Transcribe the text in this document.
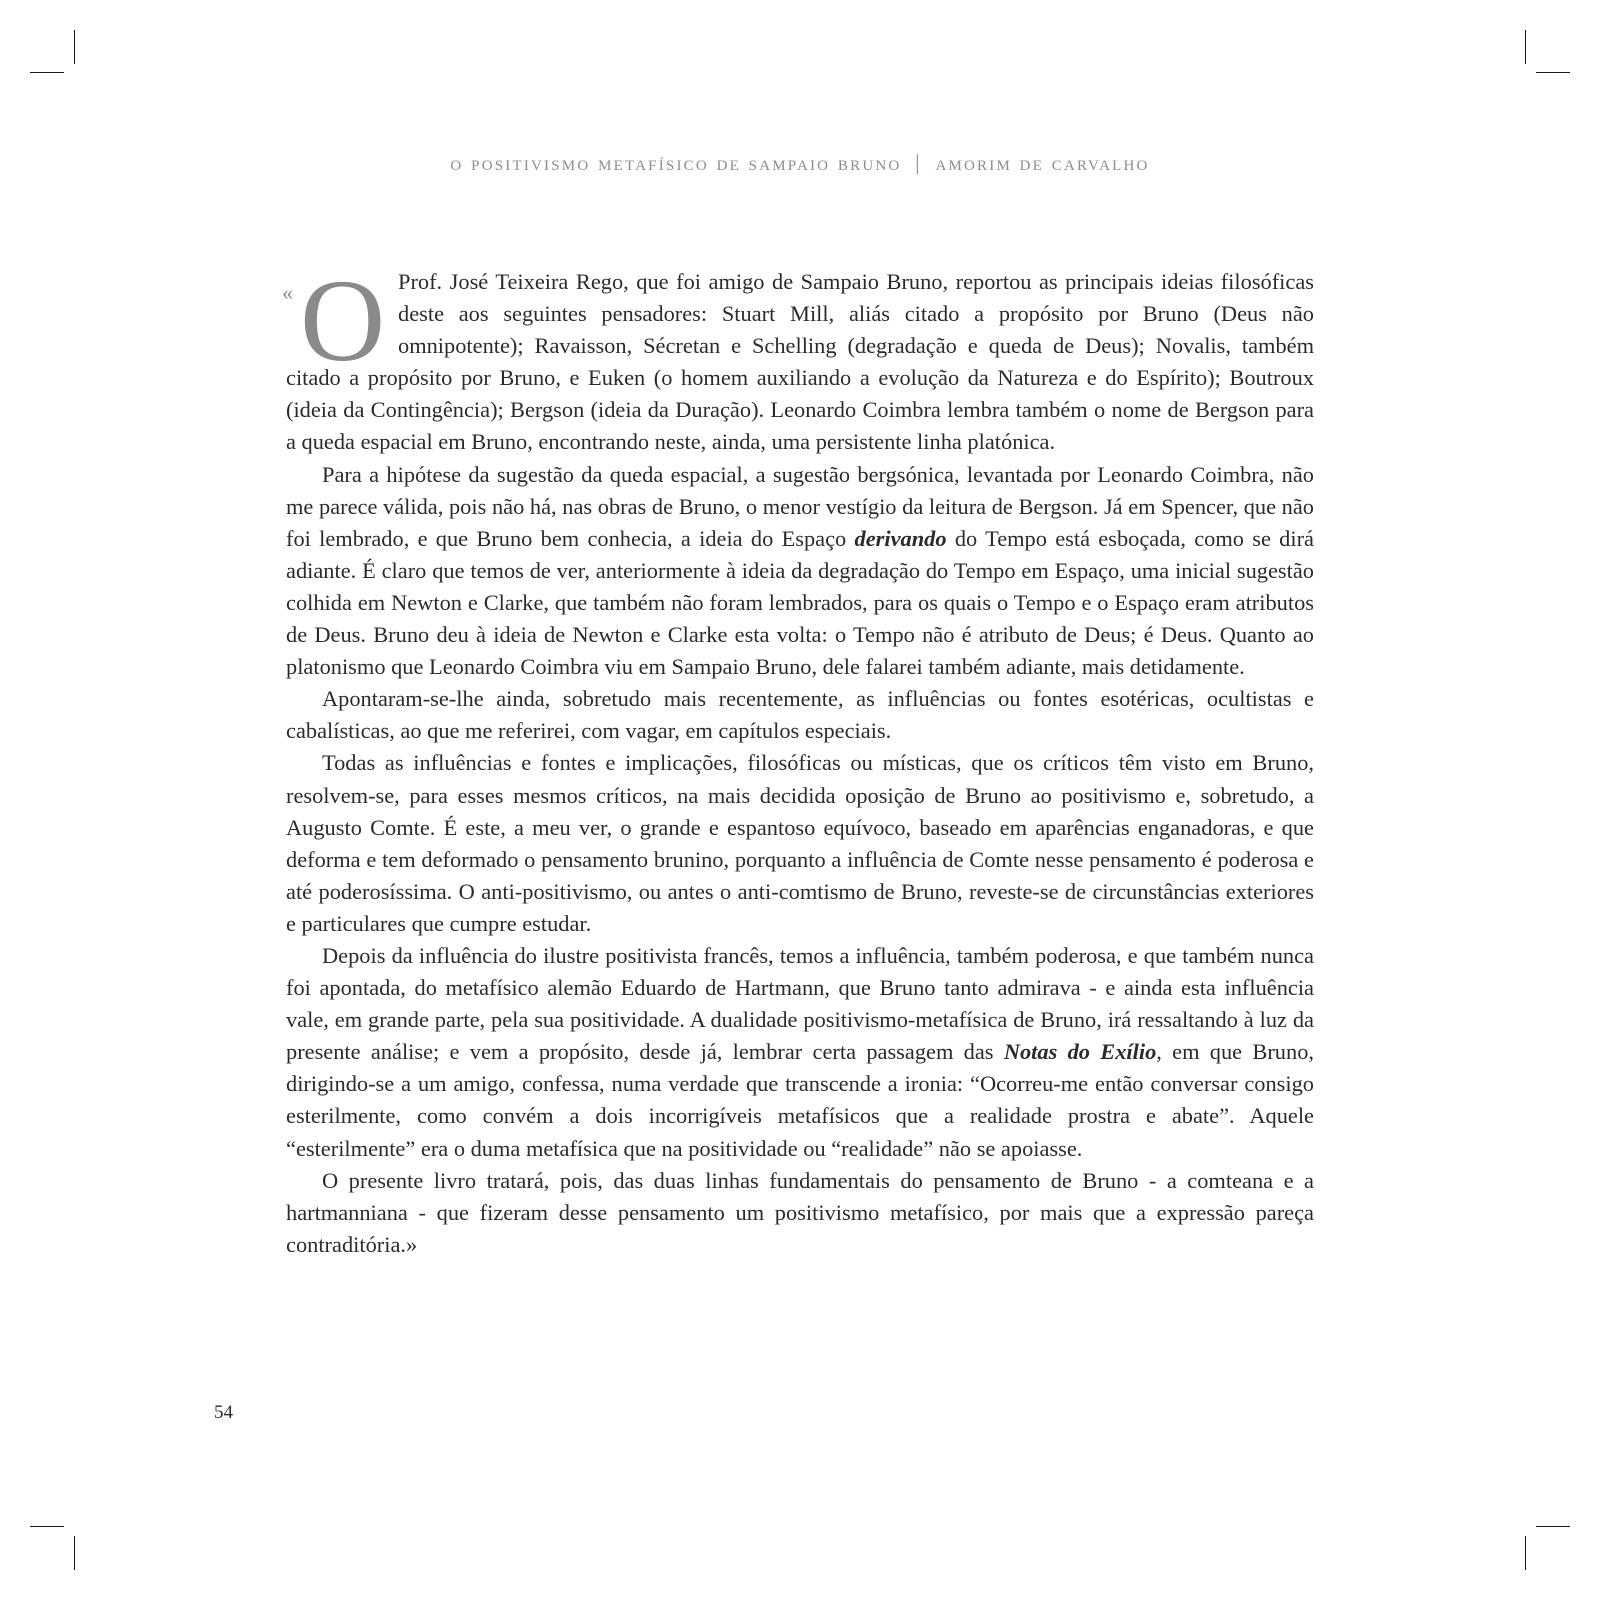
o positivismo metafísico de sampaio bruno | amorim de carvalho

« O Prof. José Teixeira Rego, que foi amigo de Sampaio Bruno, reportou as principais ideias filosóficas deste aos seguintes pensadores: Stuart Mill, aliás citado a propósito por Bruno (Deus não omnipotente); Ravaisson, Sécretan e Schelling (degradação e queda de Deus); Novalis, também citado a propósito por Bruno, e Euken (o homem auxiliando a evolução da Natureza e do Espírito); Boutroux (ideia da Contingência); Bergson (ideia da Duração). Leonardo Coimbra lembra também o nome de Bergson para a queda espacial em Bruno, encontrando neste, ainda, uma persistente linha platónica.

Para a hipótese da sugestão da queda espacial, a sugestão bergsónica, levantada por Leonardo Coimbra, não me parece válida, pois não há, nas obras de Bruno, o menor vestígio da leitura de Bergson. Já em Spencer, que não foi lembrado, e que Bruno bem conhecia, a ideia do Espaço derivando do Tempo está esboçada, como se dirá adiante. É claro que temos de ver, anteriormente à ideia da degradação do Tempo em Espaço, uma inicial sugestão colhida em Newton e Clarke, que também não foram lembrados, para os quais o Tempo e o Espaço eram atributos de Deus. Bruno deu à ideia de Newton e Clarke esta volta: o Tempo não é atributo de Deus; é Deus. Quanto ao platonismo que Leonardo Coimbra viu em Sampaio Bruno, dele falarei também adiante, mais detidamente.

Apontaram-se-lhe ainda, sobretudo mais recentemente, as influências ou fontes esotéricas, ocultistas e cabalísticas, ao que me referirei, com vagar, em capítulos especiais.

Todas as influências e fontes e implicações, filosóficas ou místicas, que os críticos têm visto em Bruno, resolvem-se, para esses mesmos críticos, na mais decidida oposição de Bruno ao positivismo e, sobretudo, a Augusto Comte. É este, a meu ver, o grande e espantoso equívoco, baseado em aparências enganadoras, e que deforma e tem deformado o pensamento brunino, porquanto a influência de Comte nesse pensamento é poderosa e até poderosíssima. O anti-positivismo, ou antes o anti-comtismo de Bruno, reveste-se de circunstâncias exteriores e particulares que cumpre estudar.

Depois da influência do ilustre positivista francês, temos a influência, também poderosa, e que também nunca foi apontada, do metafísico alemão Eduardo de Hartmann, que Bruno tanto admirava - e ainda esta influência vale, em grande parte, pela sua positividade. A dualidade positivismo-metafísica de Bruno, irá ressaltando à luz da presente análise; e vem a propósito, desde já, lembrar certa passagem das Notas do Exílio, em que Bruno, dirigindo-se a um amigo, confessa, numa verdade que transcende a ironia: “Ocorreu-me então conversar consigo esterilmente, como convém a dois incorrigíveis metafísicos que a realidade prostra e abate”. Aquele “esterilmente” era o duma metafísica que na positividade ou “realidade” não se apoiasse.

O presente livro tratará, pois, das duas linhas fundamentais do pensamento de Bruno - a comteana e a hartmanniana - que fizeram desse pensamento um positivismo metafísico, por mais que a expressão pareça contraditória.»

54
